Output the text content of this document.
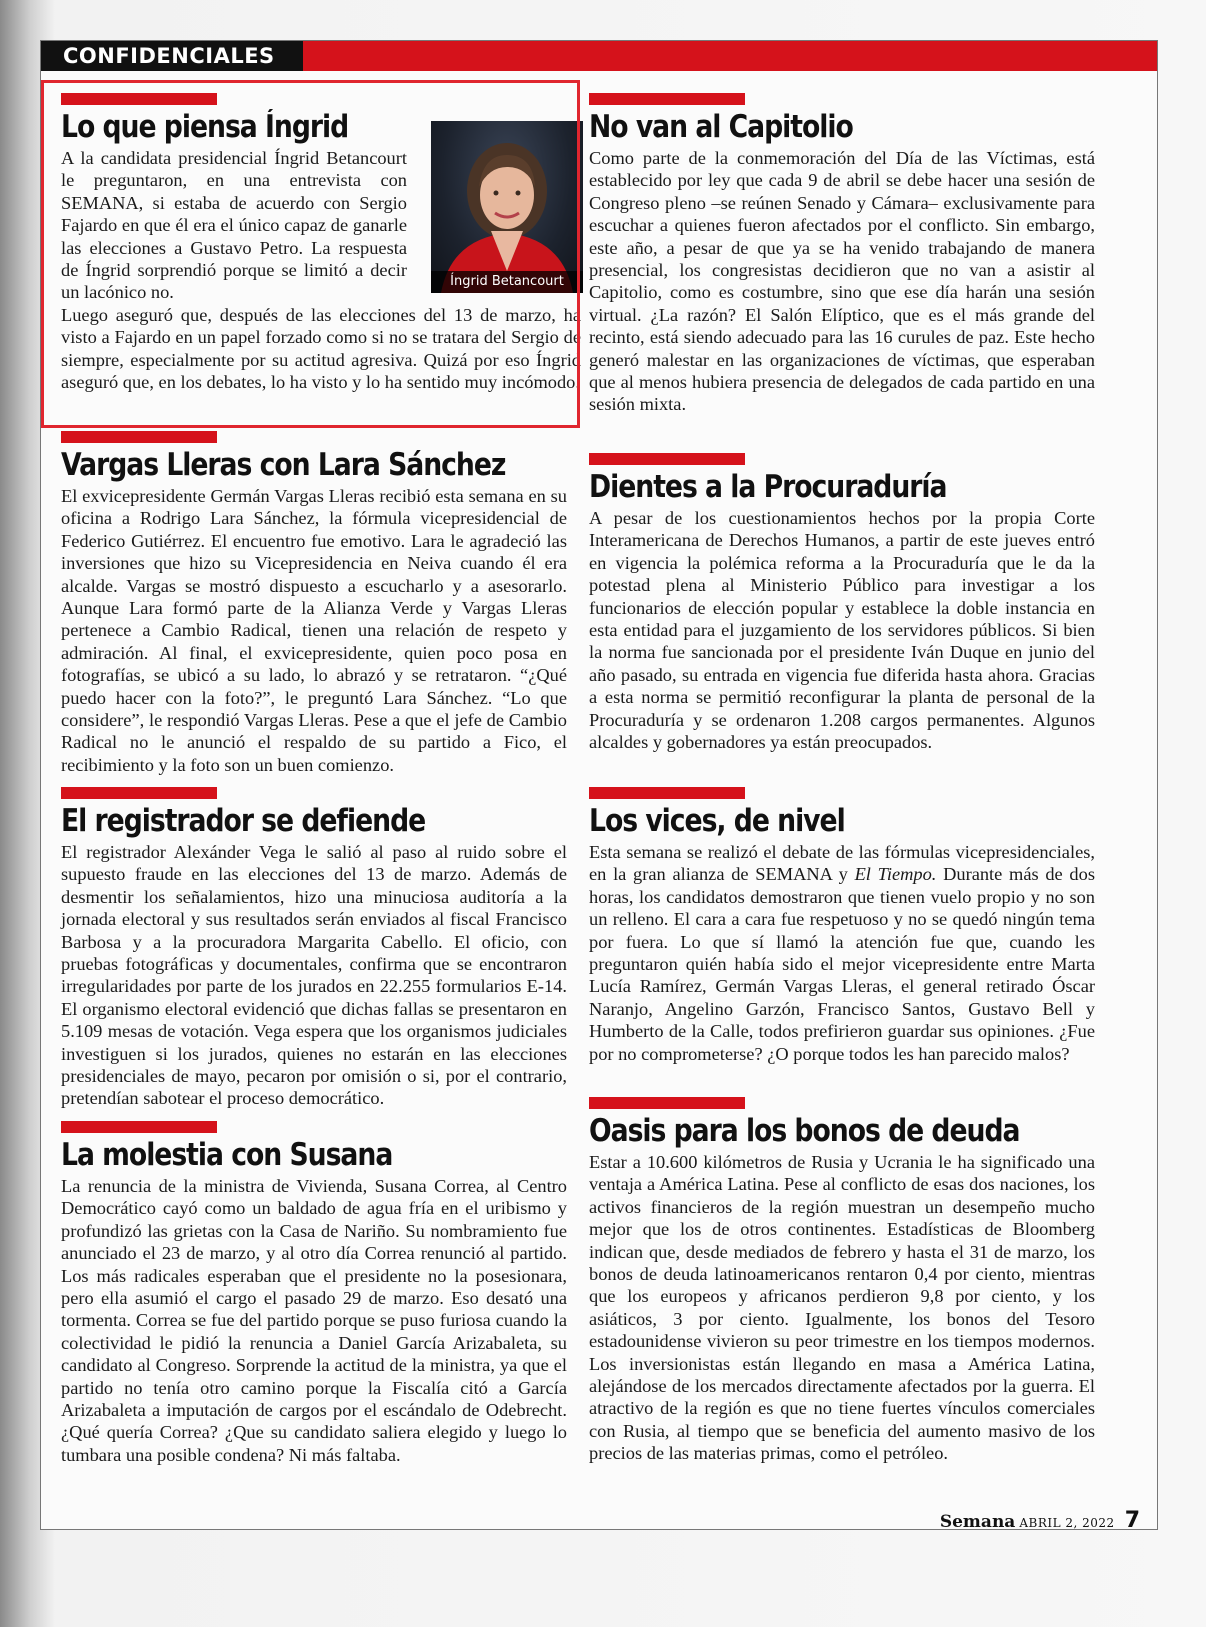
CONFIDENCIALES
Lo que piensa Íngrid
Íngrid Betancourt

A la candidata presidencial Íngrid Betancourt le preguntaron, en una entrevista con SEMANA, si estaba de acuerdo con Sergio Fajardo en que él era el único capaz de ganarle las elecciones a Gustavo Petro. La respuesta de Íngrid sorprendió porque se limitó a decir un lacónico no.

Luego aseguró que, después de las elecciones del 13 de marzo, ha visto a Fajardo en un papel forzado como si no se tratara del Sergio de siempre, especialmente por su actitud agresiva. Quizá por eso Íngrid aseguró que, en los debates, lo ha visto y lo ha sentido muy incómodo.

Vargas Lleras con Lara Sánchez

El exvicepresidente Germán Vargas Lleras recibió esta semana en su oficina a Rodrigo Lara Sánchez, la fórmula vicepresidencial de Federico Gutiérrez. El encuentro fue emotivo. Lara le agradeció las inversiones que hizo su Vicepresidencia en Neiva cuando él era alcalde. Vargas se mostró dispuesto a escucharlo y a asesorarlo. Aunque Lara formó parte de la Alianza Verde y Vargas Lleras pertenece a Cambio Radical, tienen una relación de respeto y admiración. Al final, el exvicepresidente, quien poco posa en fotografías, se ubicó a su lado, lo abrazó y se retrataron. “¿Qué puedo hacer con la foto?”, le preguntó Lara Sánchez. “Lo que considere”, le respondió Vargas Lleras. Pese a que el jefe de Cambio Radical no le anunció el respaldo de su partido a Fico, el recibimiento y la foto son un buen comienzo.

El registrador se defiende

El registrador Alexánder Vega le salió al paso al ruido sobre el supuesto fraude en las elecciones del 13 de marzo. Además de desmentir los señalamientos, hizo una minuciosa auditoría a la jornada electoral y sus resultados serán enviados al fiscal Francisco Barbosa y a la procuradora Margarita Cabello. El oficio, con pruebas fotográficas y documentales, confirma que se encontraron irregularidades por parte de los jurados en 22.255 formularios E-14. El organismo electoral evidenció que dichas fallas se presentaron en 5.109 mesas de votación. Vega espera que los organismos judiciales investiguen si los jurados, quienes no estarán en las elecciones presidenciales de mayo, pecaron por omisión o si, por el contrario, pretendían sabotear el proceso democrático.

La molestia con Susana

La renuncia de la ministra de Vivienda, Susana Correa, al Centro Democrático cayó como un baldado de agua fría en el uribismo y profundizó las grietas con la Casa de Nariño. Su nombramiento fue anunciado el 23 de marzo, y al otro día Correa renunció al partido. Los más radicales esperaban que el presidente no la posesionara, pero ella asumió el cargo el pasado 29 de marzo. Eso desató una tormenta. Correa se fue del partido porque se puso furiosa cuando la colectividad le pidió la renuncia a Daniel García Arizabaleta, su candidato al Congreso. Sorprende la actitud de la ministra, ya que el partido no tenía otro camino porque la Fiscalía citó a García Arizabaleta a imputación de cargos por el escándalo de Odebrecht. ¿Qué quería Correa? ¿Que su candidato saliera elegido y luego lo tumbara una posible condena? Ni más faltaba.

No van al Capitolio

Como parte de la conmemoración del Día de las Víctimas, está establecido por ley que cada 9 de abril se debe hacer una sesión de Congreso pleno –se reúnen Senado y Cámara– exclusivamente para escuchar a quienes fueron afectados por el conflicto. Sin embargo, este año, a pesar de que ya se ha venido trabajando de manera presencial, los congresistas decidieron que no van a asistir al Capitolio, como es costumbre, sino que ese día harán una sesión virtual. ¿La razón? El Salón Elíptico, que es el más grande del recinto, está siendo adecuado para las 16 curules de paz. Este hecho generó malestar en las organizaciones de víctimas, que esperaban que al menos hubiera presencia de delegados de cada partido en una sesión mixta.

Dientes a la Procuraduría

A pesar de los cuestionamientos hechos por la propia Corte Interamericana de Derechos Humanos, a partir de este jueves entró en vigencia la polémica reforma a la Procuraduría que le da la potestad plena al Ministerio Público para investigar a los funcionarios de elección popular y establece la doble instancia en esta entidad para el juzgamiento de los servidores públicos. Si bien la norma fue sancionada por el presidente Iván Duque en junio del año pasado, su entrada en vigencia fue diferida hasta ahora. Gracias a esta norma se permitió reconfigurar la planta de personal de la Procuraduría y se ordenaron 1.208 cargos permanentes. Algunos alcaldes y gobernadores ya están preocupados.

Los vices, de nivel

Esta semana se realizó el debate de las fórmulas vicepresidenciales, en la gran alianza de SEMANA y El Tiempo. Durante más de dos horas, los candidatos demostraron que tienen vuelo propio y no son un relleno. El cara a cara fue respetuoso y no se quedó ningún tema por fuera. Lo que sí llamó la atención fue que, cuando les preguntaron quién había sido el mejor vicepresidente entre Marta Lucía Ramírez, Germán Vargas Lleras, el general retirado Óscar Naranjo, Angelino Garzón, Francisco Santos, Gustavo Bell y Humberto de la Calle, todos prefirieron guardar sus opiniones. ¿Fue por no comprometerse? ¿O porque todos les han parecido malos?

Oasis para los bonos de deuda

Estar a 10.600 kilómetros de Rusia y Ucrania le ha significado una ventaja a América Latina. Pese al conflicto de esas dos naciones, los activos financieros de la región muestran un desempeño mucho mejor que los de otros continentes. Estadísticas de Bloomberg indican que, desde mediados de febrero y hasta el 31 de marzo, los bonos de deuda latinoamericanos rentaron 0,4 por ciento, mientras que los europeos y africanos perdieron 9,8 por ciento, y los asiáticos, 3 por ciento. Igualmente, los bonos del Tesoro estadounidense vivieron su peor trimestre en los tiempos modernos. Los inversionistas están llegando en masa a América Latina, alejándose de los mercados directamente afectados por la guerra. El atractivo de la región es que no tiene fuertes vínculos comerciales con Rusia, al tiempo que se beneficia del aumento masivo de los precios de las materias primas, como el petróleo.

Semana ABRIL 2, 2022 7
